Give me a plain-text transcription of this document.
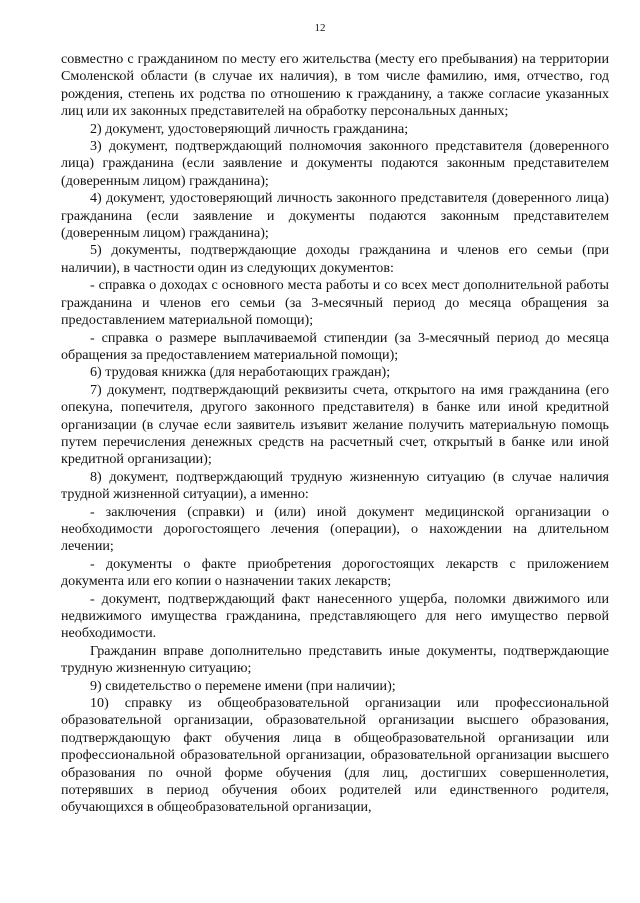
12

совместно с гражданином по месту его жительства (месту его пребывания) на территории Смоленской области (в случае их наличия), в том числе фамилию, имя, отчество, год рождения, степень их родства по отношению к гражданину, а также согласие указанных лиц или их законных представителей на обработку персональных данных;

2) документ, удостоверяющий личность гражданина;

3) документ, подтверждающий полномочия законного представителя (доверенного лица) гражданина (если заявление и документы подаются законным представителем (доверенным лицом) гражданина);

4) документ, удостоверяющий личность законного представителя (доверенного лица) гражданина (если заявление и документы подаются законным представителем (доверенным лицом) гражданина);

5) документы, подтверждающие доходы гражданина и членов его семьи (при наличии), в частности один из следующих документов:

- справка о доходах с основного места работы и со всех мест дополнительной работы гражданина и членов его семьи (за 3-месячный период до месяца обращения за предоставлением материальной помощи);

- справка о размере выплачиваемой стипендии (за 3-месячный период до месяца обращения за предоставлением материальной помощи);

6) трудовая книжка (для неработающих граждан);

7) документ, подтверждающий реквизиты счета, открытого на имя гражданина (его опекуна, попечителя, другого законного представителя) в банке или иной кредитной организации (в случае если заявитель изъявит желание получить материальную помощь путем перечисления денежных средств на расчетный счет, открытый в банке или иной кредитной организации);

8) документ, подтверждающий трудную жизненную ситуацию (в случае наличия трудной жизненной ситуации), а именно:

- заключения (справки) и (или) иной документ медицинской организации о необходимости дорогостоящего лечения (операции), о нахождении на длительном лечении;

- документы о факте приобретения дорогостоящих лекарств с приложением документа или его копии о назначении таких лекарств;

- документ, подтверждающий факт нанесенного ущерба, поломки движимого или недвижимого имущества гражданина, представляющего для него имущество первой необходимости.

Гражданин вправе дополнительно представить иные документы, подтверждающие трудную жизненную ситуацию;

9) свидетельство о перемене имени (при наличии);

10) справку из общеобразовательной организации или профессиональной образовательной организации, образовательной организации высшего образования, подтверждающую факт обучения лица в общеобразовательной организации или профессиональной образовательной организации, образовательной организации высшего образования по очной форме обучения (для лиц, достигших совершеннолетия, потерявших в период обучения обоих родителей или единственного родителя, обучающихся в общеобразовательной организации,
